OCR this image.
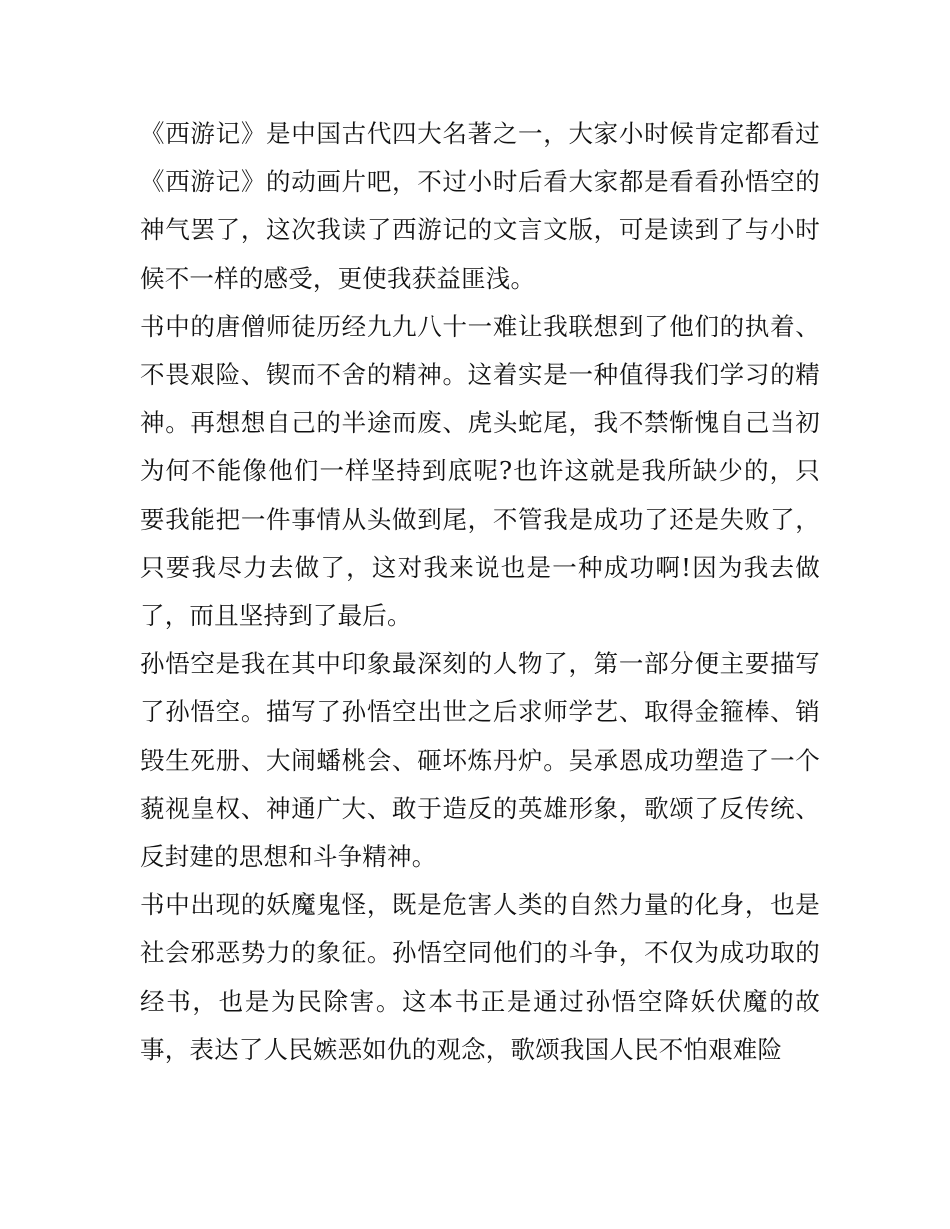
《西游记》是中国古代四大名著之一，大家小时候肯定都看过《西游记》的动画片吧，不过小时后看大家都是看看孙悟空的神气罢了，这次我读了西游记的文言文版，可是读到了与小时候不一样的感受，更使我获益匪浅。

书中的唐僧师徒历经九九八十一难让我联想到了他们的执着、不畏艰险、锲而不舍的精神。这着实是一种值得我们学习的精神。再想想自己的半途而废、虎头蛇尾，我不禁惭愧自己当初为何不能像他们一样坚持到底呢?也许这就是我所缺少的，只要我能把一件事情从头做到尾，不管我是成功了还是失败了，只要我尽力去做了，这对我来说也是一种成功啊!因为我去做了，而且坚持到了最后。

孙悟空是我在其中印象最深刻的人物了，第一部分便主要描写了孙悟空。描写了孙悟空出世之后求师学艺、取得金箍棒、销毁生死册、大闹蟠桃会、砸坏炼丹炉。吴承恩成功塑造了一个藐视皇权、神通广大、敢于造反的英雄形象，歌颂了反传统、反封建的思想和斗争精神。

书中出现的妖魔鬼怪，既是危害人类的自然力量的化身，也是社会邪恶势力的象征。孙悟空同他们的斗争，不仅为成功取的经书，也是为民除害。这本书正是通过孙悟空降妖伏魔的故事，表达了人民嫉恶如仇的观念，歌颂我国人民不怕艰难险
